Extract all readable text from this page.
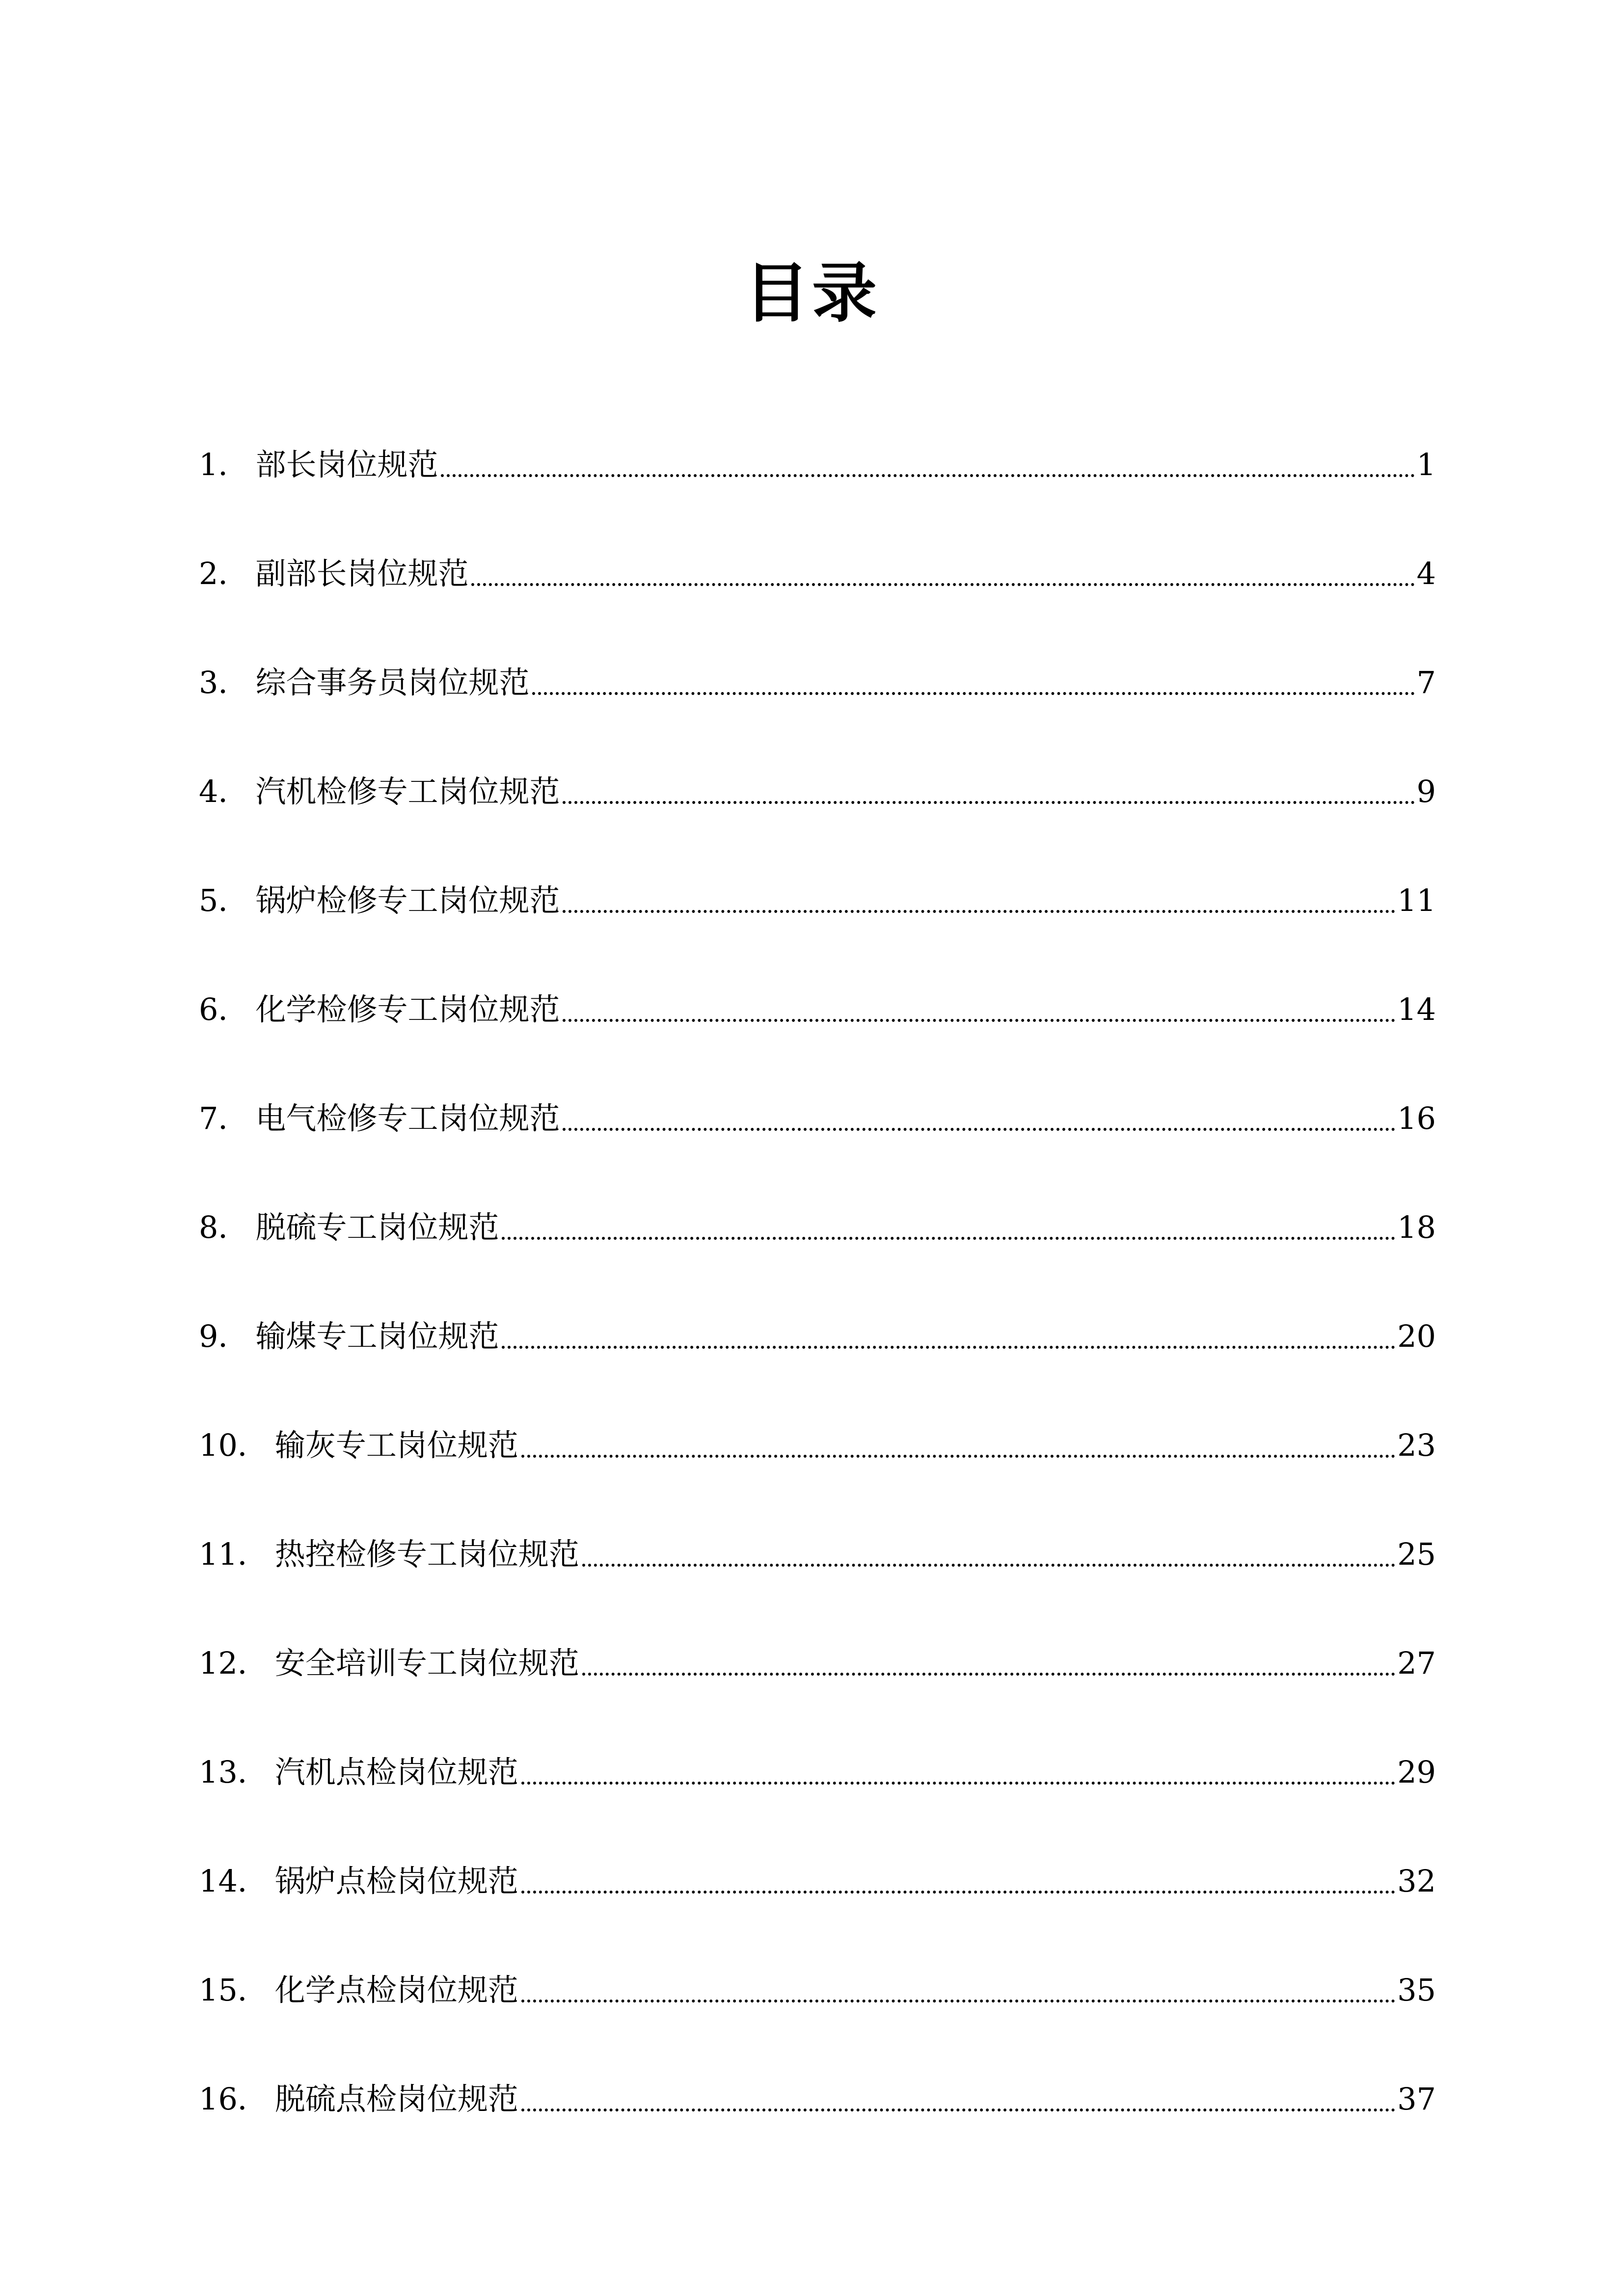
目录
1． 部长岗位规范	1
2． 副部长岗位规范	4
3． 综合事务员岗位规范	7
4． 汽机检修专工岗位规范	9
5． 锅炉检修专工岗位规范	11
6． 化学检修专工岗位规范	14
7． 电气检修专工岗位规范	16
8． 脱硫专工岗位规范	18
9． 输煤专工岗位规范	20
10． 输灰专工岗位规范	23
11． 热控检修专工岗位规范	25
12． 安全培训专工岗位规范	27
13． 汽机点检岗位规范	29
14． 锅炉点检岗位规范	32
15． 化学点检岗位规范	35
16． 脱硫点检岗位规范	37
